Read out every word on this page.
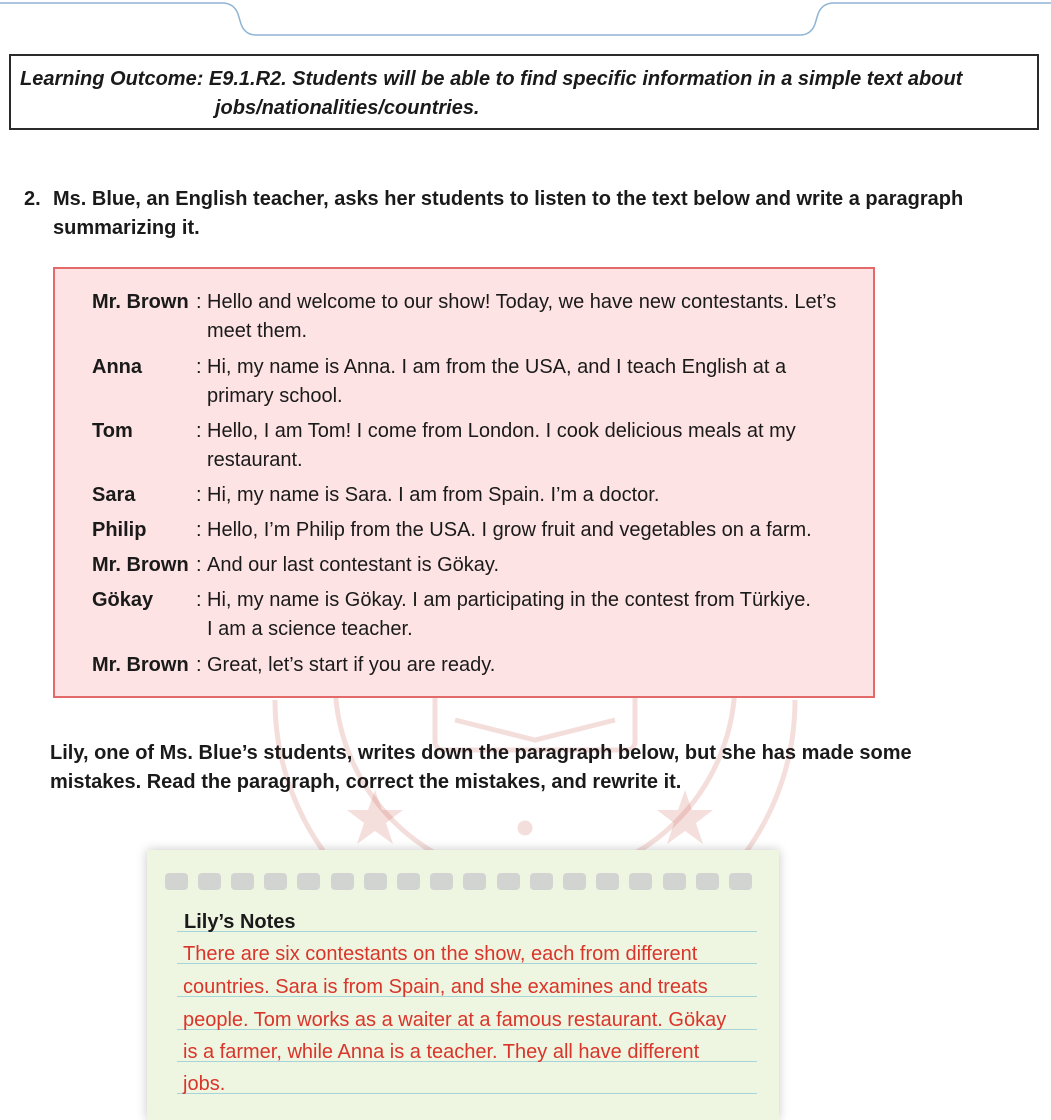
Learning Outcome: E9.1.R2. Students will be able to find specific information in a simple text about
jobs/nationalities/countries.
2. Ms. Blue, an English teacher, asks her students to listen to the text below and write a paragraph
summarizing it.
Mr. Brown : Hello and welcome to our show! Today, we have new contestants. Let’s
meet them.
Anna	: Hi, my name is Anna. I am from the USA, and I teach English at a
primary school.
Tom	: Hello, I am Tom! I come from London. I cook delicious meals at my
restaurant.
Sara	: Hi, my name is Sara. I am from Spain. I’m a doctor.
Philip : Hello, I’m Philip from the USA. I grow fruit and vegetables on a farm.
Mr. Brown : And our last contestant is Gökay.
Gökay : Hi, my name is Gökay. I am participating in the contest from Türkiye.
I am a science teacher.
Mr. Brown : Great, let’s start if you are ready.
Lily, one of Ms. Blue’s students, writes down the paragraph below, but she has made some
mistakes. Read the paragraph, correct the mistakes, and rewrite it.
Lily’s Notes
There are six contestants on the show, each from different
countries. Sara is from Spain, and she examines and treats
people. Tom works as a waiter at a famous restaurant. Gökay
is a farmer, while Anna is a teacher. They all have different
jobs.
